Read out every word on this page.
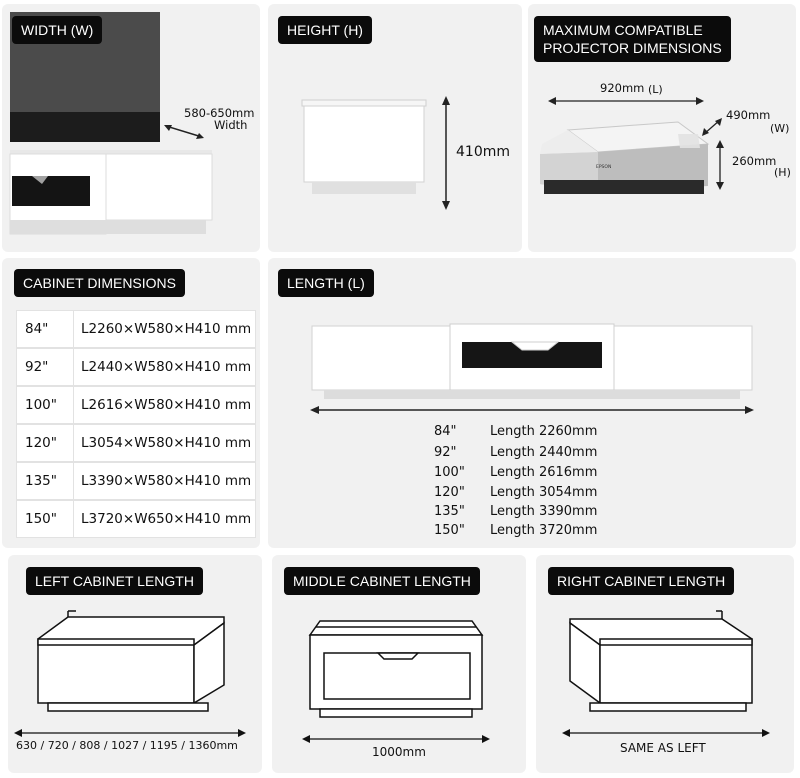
WIDTH (W)
580-650mm
Width
HEIGHT (H)
410mm
MAXIMUM COMPATIBLE
PROJECTOR DIMENSIONS
920mm (L)
490mm
(W)
260mm
(H)
EPSON
CABINET DIMENSIONS
84" L2260×W580×H410 mm
92" L2440×W580×H410 mm
100" L2616×W580×H410 mm
120" L3054×W580×H410 mm
135" L3390×W580×H410 mm
150" L3720×W650×H410 mm
LENGTH (L)
84"	Length 2260mm
92"	Length 2440mm
100" Length 2616mm
120" Length 3054mm
135" Length 3390mm
150" Length 3720mm
LEFT CABINET LENGTH
630 / 720 / 808 / 1027 / 1195 / 1360mm
MIDDLE CABINET LENGTH
1000mm
RIGHT CABINET LENGTH
SAME AS LEFT
